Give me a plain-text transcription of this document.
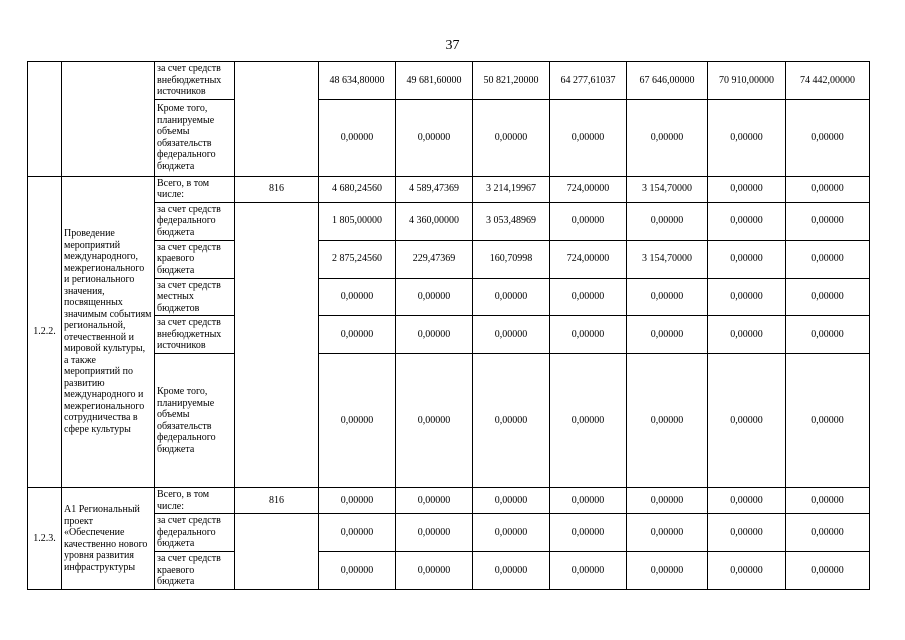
37
		за счет средств внебюджетных источников		48 634,80000	49 681,60000	50 821,20000	64 277,61037	67 646,00000	70 910,00000	74 442,00000
		Кроме того, планируемые объемы обязательств федерального бюджета		0,00000	0,00000	0,00000	0,00000	0,00000	0,00000	0,00000
1.2.2.	Проведение мероприятий международного, межрегионального и регионального значения, посвященных значимым событиям региональной, отечественной и мировой культуры, а также мероприятий по развитию международного и межрегионального сотрудничества в сфере культуры	Всего, в том числе:	816	4 680,24560	4 589,47369	3 214,19967	724,00000	3 154,70000	0,00000	0,00000
		за счет средств федерального бюджета		1 805,00000	4 360,00000	3 053,48969	0,00000	0,00000	0,00000	0,00000
		за счет средств краевого бюджета		2 875,24560	229,47369	160,70998	724,00000	3 154,70000	0,00000	0,00000
		за счет средств местных бюджетов		0,00000	0,00000	0,00000	0,00000	0,00000	0,00000	0,00000
		за счет средств внебюджетных источников		0,00000	0,00000	0,00000	0,00000	0,00000	0,00000	0,00000
		Кроме того, планируемые объемы обязательств федерального бюджета		0,00000	0,00000	0,00000	0,00000	0,00000	0,00000	0,00000
1.2.3.	А1 Региональный проект «Обеспечение качественно нового уровня развития инфраструктуры	Всего, в том числе:	816	0,00000	0,00000	0,00000	0,00000	0,00000	0,00000	0,00000
		за счет средств федерального бюджета		0,00000	0,00000	0,00000	0,00000	0,00000	0,00000	0,00000
		за счет средств краевого бюджета		0,00000	0,00000	0,00000	0,00000	0,00000	0,00000	0,00000
